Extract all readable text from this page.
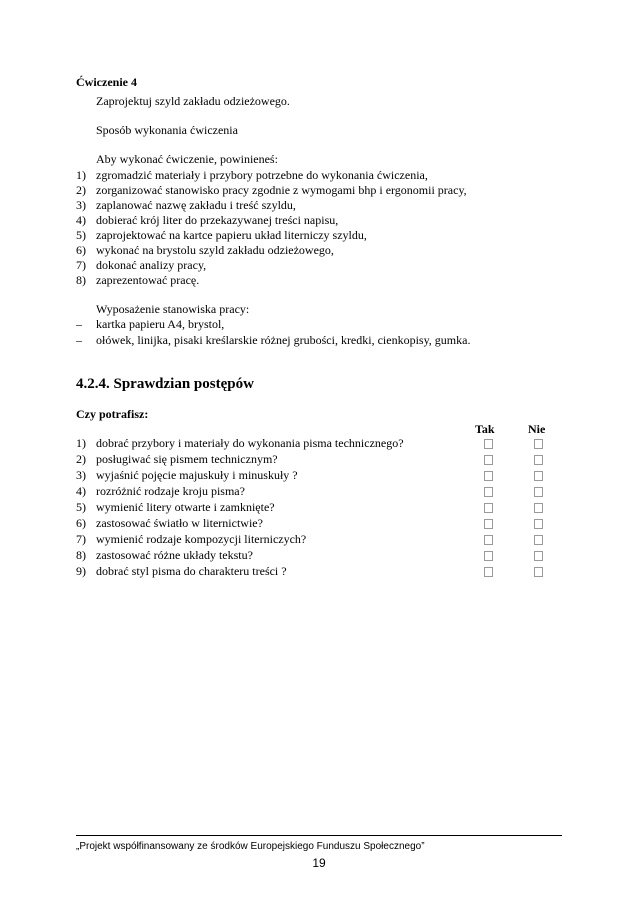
Ćwiczenie 4
Zaprojektuj szyld zakładu odzieżowego.
Sposób wykonania ćwiczenia
Aby wykonać ćwiczenie, powinieneś:
1) zgromadzić materiały i przybory potrzebne do wykonania ćwiczenia,
2) zorganizować stanowisko pracy zgodnie z wymogami bhp i ergonomii pracy,
3) zaplanować nazwę zakładu i treść szyldu,
4) dobierać krój liter do przekazywanej treści napisu,
5) zaprojektować na kartce papieru układ literniczy szyldu,
6) wykonać na brystolu szyld zakładu odzieżowego,
7) dokonać analizy pracy,
8) zaprezentować pracę.
Wyposażenie stanowiska pracy:
– kartka papieru A4, brystol,
– ołówek, linijka, pisaki kreślarskie różnej grubości, kredki, cienkopisy, gumka.
4.2.4. Sprawdzian postępów
Czy potrafisz:
Tak	Nie
1) dobrać przybory i materiały do wykonania pisma technicznego?
2) posługiwać się pismem technicznym?
3) wyjaśnić pojęcie majuskuły i minuskuły ?
4) rozróżnić rodzaje kroju pisma?
5) wymienić litery otwarte i zamknięte?
6) zastosować światło w liternictwie?
7) wymienić rodzaje kompozycji literniczych?
8) zastosować różne układy tekstu?
9) dobrać styl pisma do charakteru treści ?
„Projekt współfinansowany ze środków Europejskiego Funduszu Społecznego”
19
